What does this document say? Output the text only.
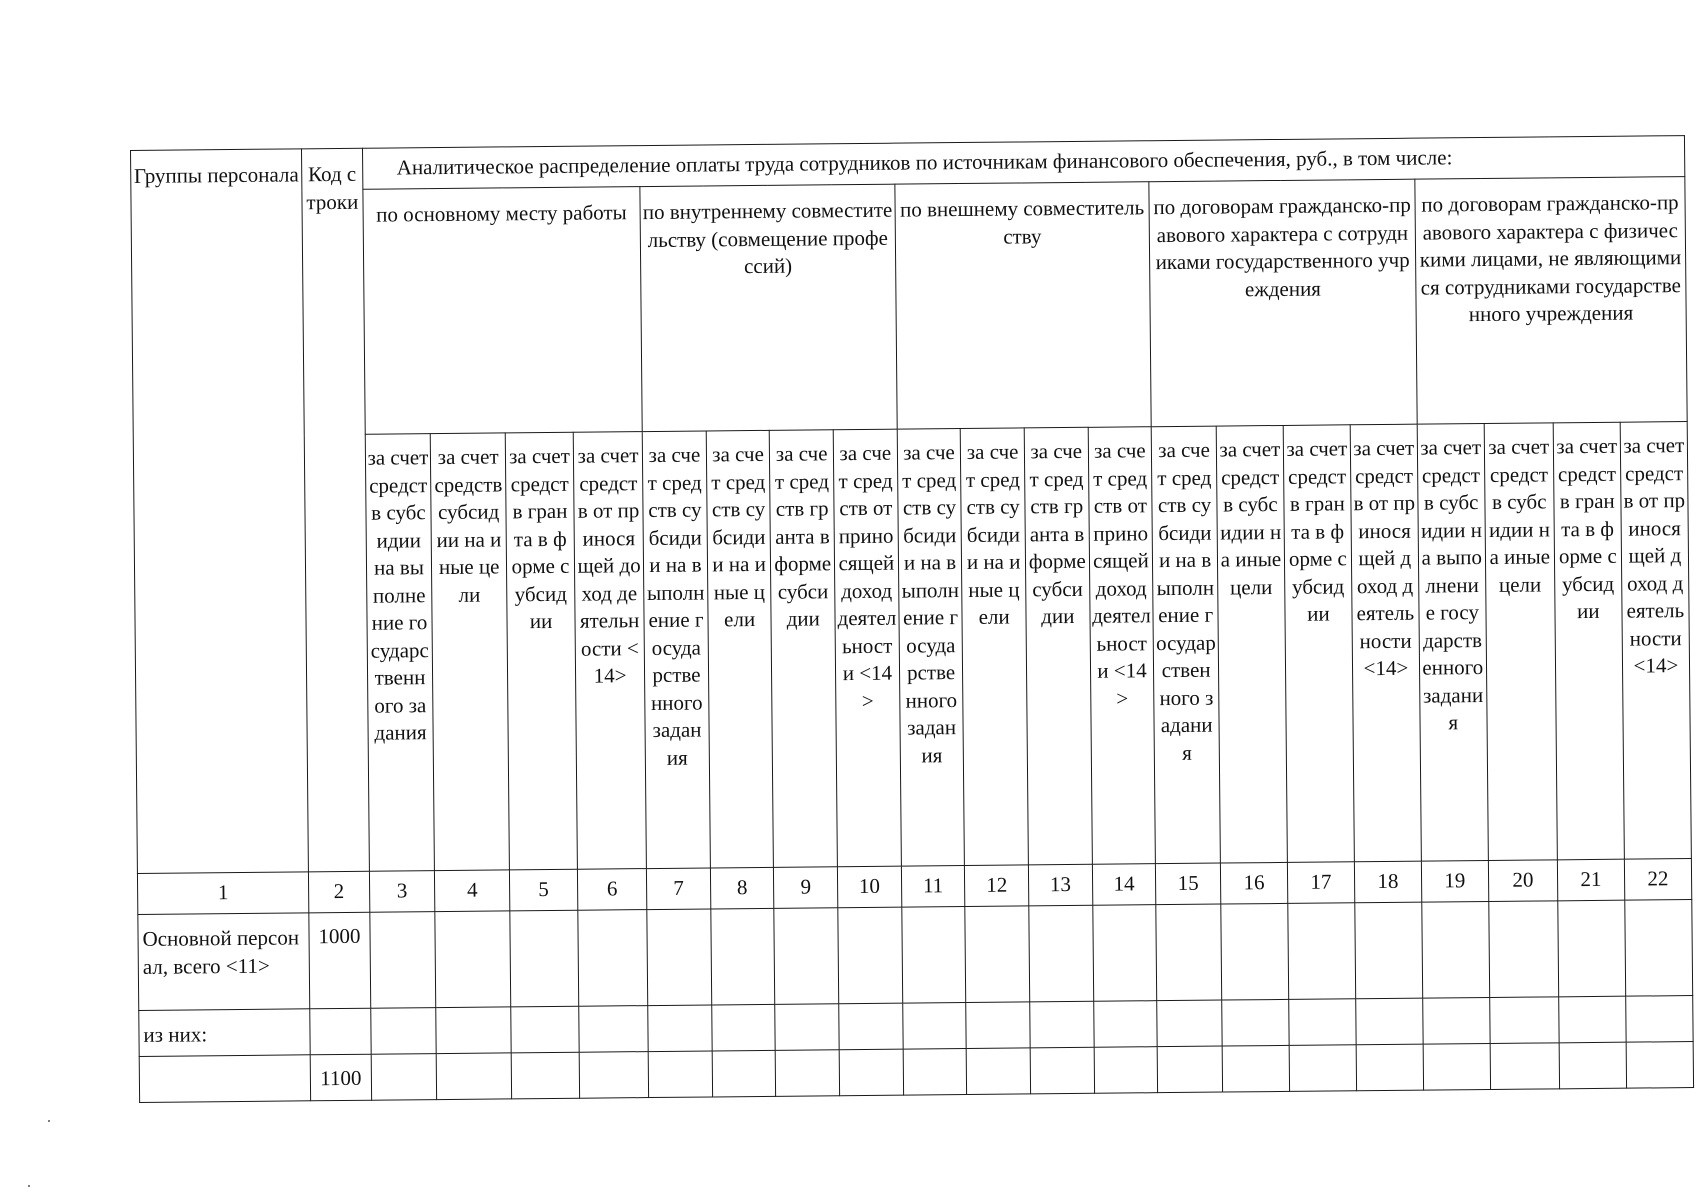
Группы персонала	Код строки	Аналитическое распределение оплаты труда сотрудников по источникам финансового обеспечения, руб., в том числе:																			
		по основному месту работы				по внутреннему совместительству (совмещение профессий)				по внешнему совместительству				по договорам гражданско-правового характера с сотрудниками государственного учреждения				по договорам гражданско-правового характера с физическими лицами, не являющимися сотрудниками государственного учреждения			
		за счет средств субсидии на выполнение государственного задания	за счет средств субсидии на иные цели	за счет средств гранта в форме субсидии	за счет средств от приносящей доход деятельности <14>	за счет средств субсидии на выполнение государственного задания	за счет средств субсидии на иные цели	за счет средств гранта в форме субсидии	за счет средств от приносящей доход деятельности <14>	за счет средств субсидии на выполнение государственного задания	за счет средств субсидии на иные цели	за счет средств гранта в форме субсидии	за счет средств от приносящей доход деятельности <14>	за счет средств субсидии на выполнение государственного задания	за счет средств субсидии на иные цели	за счет средств гранта в форме субсидии	за счет средств от приносящей доход деятельности <14>	за счет средств субсидии на выполнение государственного задания	за счет средств субсидии на иные цели	за счет средств гранта в форме субсидии	за счет средств от приносящей доход деятельности <14>
1	2	3	4	5	6	7	8	9	10	11	12	13	14	15	16	17	18	19	20	21	22
Основной персонал, всего <11>	1000																				
из них:																					
	1100																				
